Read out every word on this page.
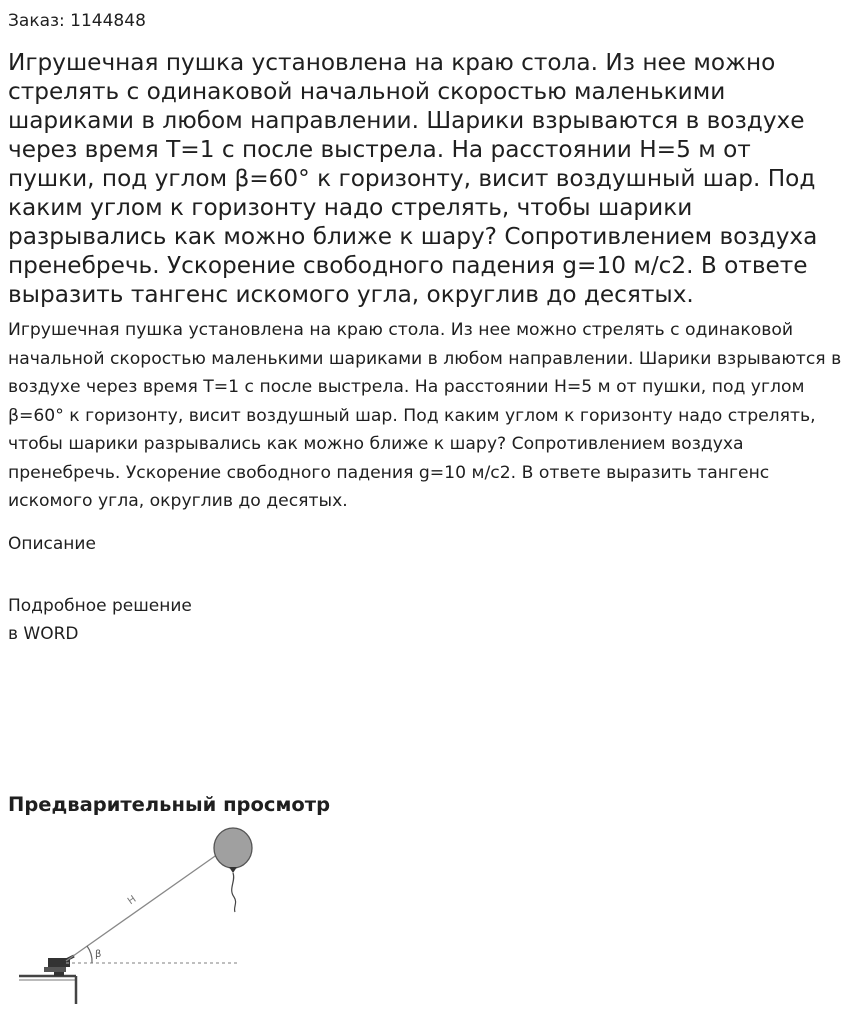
Заказ: 1144848
Игрушечная пушка установлена на краю стола. Из нее можно стрелять с одинаковой начальной скоростью маленькими шариками в любом направлении. Шарики взрываются в воздухе через время T=1 с после выстрела. На расстоянии H=5 м от пушки, под углом β=60° к горизонту, висит воздушный шар. Под каким углом к горизонту надо стрелять, чтобы шарики разрывались как можно ближе к шару? Сопротивлением воздуха пренебречь. Ускорение свободного падения g=10 м/с2. В ответе выразить тангенс искомого угла, округлив до десятых.

Игрушечная пушка установлена на краю стола. Из нее можно стрелять с одинаковой начальной скоростью маленькими шариками в любом направлении. Шарики взрываются в воздухе через время T=1 с после выстрела. На расстоянии H=5 м от пушки, под углом β=60° к горизонту, висит воздушный шар. Под каким углом к горизонту надо стрелять, чтобы шарики разрывались как можно ближе к шару? Сопротивлением воздуха пренебречь. Ускорение свободного падения g=10 м/с2. В ответе выразить тангенс искомого угла, округлив до десятых.

Описание

Подробное решение
в WORD
Предварительный просмотр
β
H
